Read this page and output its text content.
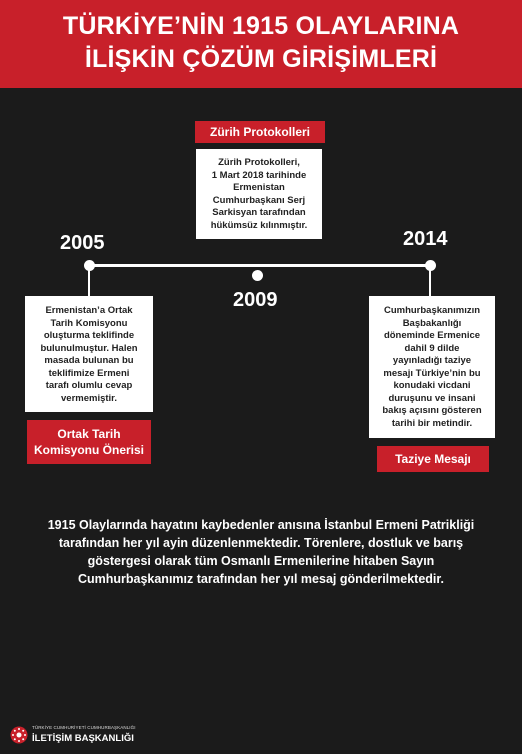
TÜRKİYE’NİN 1915 OLAYLARINA
İLİŞKİN ÇÖZÜM GİRİŞİMLERİ
Zürih Protokolleri
Zürih Protokolleri,
1 Mart 2018 tarihinde
Ermenistan
Cumhurbaşkanı Serj
Sarkisyan tarafından
hükümsüz kılınmıştır.
2005
2009
2014
Ermenistan’a Ortak
Tarih Komisyonu
oluşturma teklifinde
bulunulmuştur. Halen
masada bulunan bu
teklifimize Ermeni
tarafı olumlu cevap
vermemiştir.
Ortak Tarih
Komisyonu Önerisi
Cumhurbaşkanımızın
Başbakanlığı
döneminde Ermenice
dahil 9 dilde
yayınladığı taziye
mesajı Türkiye’nin bu
konudaki vicdani
duruşunu ve insani
bakış açısını gösteren
tarihi bir metindir.
Taziye Mesajı
1915 Olaylarında hayatını kaybedenler anısına İstanbul Ermeni Patrikliği
tarafından her yıl ayin düzenlenmektedir. Törenlere, dostluk ve barış
göstergesi olarak tüm Osmanlı Ermenilerine hitaben Sayın
Cumhurbaşkanımız tarafından her yıl mesaj gönderilmektedir.
TÜRKİYE CUMHURİYETİ CUMHURBAŞKANLIĞI
İLETİŞİM BAŞKANLIĞI
